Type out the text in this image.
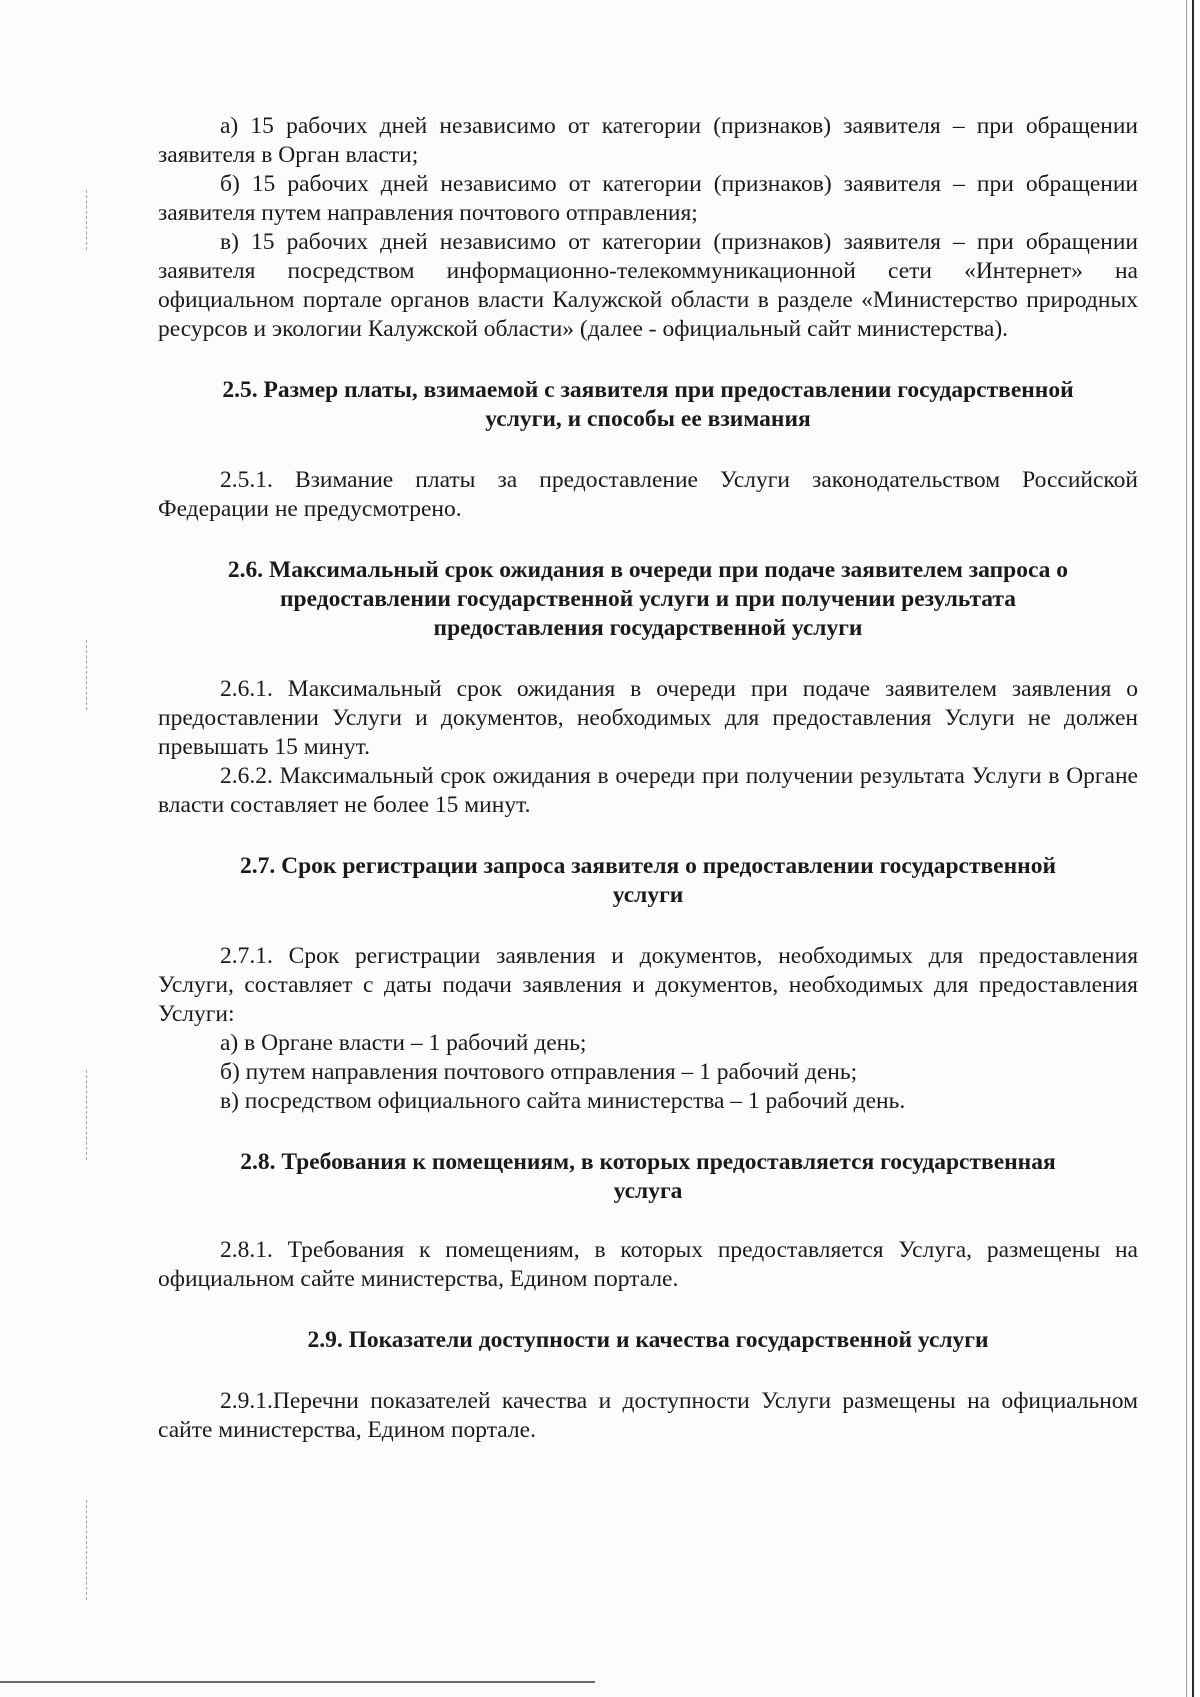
а) 15 рабочих дней независимо от категории (признаков) заявителя – при обращении заявителя в Орган власти;

б) 15 рабочих дней независимо от категории (признаков) заявителя – при обращении заявителя путем направления почтового отправления;

в) 15 рабочих дней независимо от категории (признаков) заявителя – при обращении заявителя посредством информационно-телекоммуникационной сети «Интернет» на официальном портале органов власти Калужской области в разделе «Министерство природных ресурсов и экологии Калужской области» (далее - официальный сайт министерства).

2.5. Размер платы, взимаемой с заявителя при предоставлении государственной
услуги, и способы ее взимания

2.5.1. Взимание платы за предоставление Услуги законодательством Российской Федерации не предусмотрено.

2.6. Максимальный срок ожидания в очереди при подаче заявителем запроса о
предоставлении государственной услуги и при получении результата
предоставления государственной услуги

2.6.1. Максимальный срок ожидания в очереди при подаче заявителем заявления о предоставлении Услуги и документов, необходимых для предоставления Услуги не должен превышать 15 минут.

2.6.2. Максимальный срок ожидания в очереди при получении результата Услуги в Органе власти составляет не более 15 минут.

2.7. Срок регистрации запроса заявителя о предоставлении государственной
услуги

2.7.1. Срок регистрации заявления и документов, необходимых для предоставления Услуги, составляет с даты подачи заявления и документов, необходимых для предоставления Услуги:

а) в Органе власти – 1 рабочий день;

б) путем направления почтового отправления – 1 рабочий день;

в) посредством официального сайта министерства – 1 рабочий день.

2.8. Требования к помещениям, в которых предоставляется государственная
услуга

2.8.1. Требования к помещениям, в которых предоставляется Услуга, размещены на официальном сайте министерства, Едином портале.

2.9. Показатели доступности и качества государственной услуги

2.9.1.Перечни показателей качества и доступности Услуги размещены на официальном сайте министерства, Едином портале.
